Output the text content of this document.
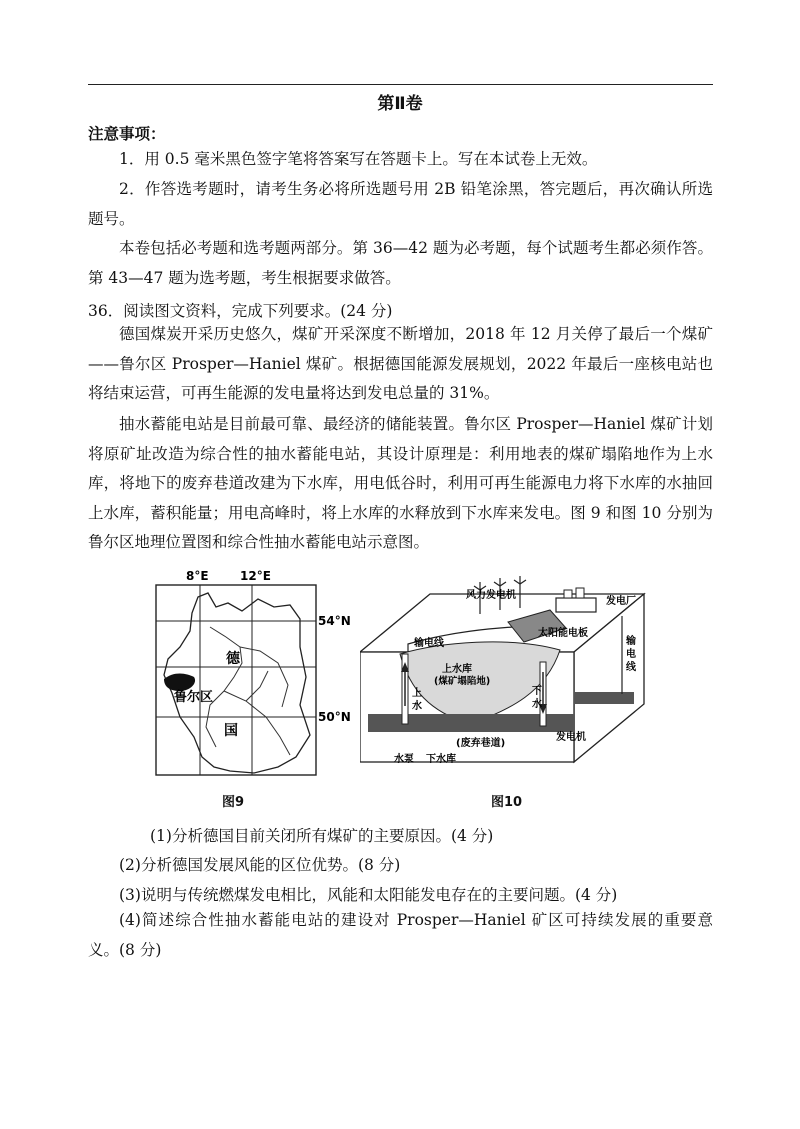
第Ⅱ卷
注意事项：
1．用 0.5 毫米黑色签字笔将答案写在答题卡上。写在本试卷上无效。
2．作答选考题时，请考生务必将所选题号用 2B 铅笔涂黑，答完题后，再次确认所选题号。
本卷包括必考题和选考题两部分。第 36—42 题为必考题，每个试题考生都必须作答。第 43—47 题为选考题，考生根据要求做答。
36．阅读图文资料，完成下列要求。(24 分)
德国煤炭开采历史悠久，煤矿开采深度不断增加，2018 年 12 月关停了最后一个煤矿——鲁尔区 Prosper—Haniel 煤矿。根据德国能源发展规划，2022 年最后一座核电站也将结束运营，可再生能源的发电量将达到发电总量的 31%。
抽水蓄能电站是目前最可靠、最经济的储能装置。鲁尔区 Prosper—Haniel 煤矿计划将原矿址改造为综合性的抽水蓄能电站，其设计原理是：利用地表的煤矿塌陷地作为上水库，将地下的废弃巷道改建为下水库，用电低谷时，利用可再生能源电力将下水库的水抽回上水库，蓄积能量；用电高峰时，将上水库的水释放到下水库来发电。图 9 和图 10 分别为鲁尔区地理位置图和综合性抽水蓄能电站示意图。
8°E	12°E
54°N
50°N
德
国
鲁尔区
图9
风力发电机
发电厂
太阳能电板
输电线	输
电
线
上水库
(煤矿塌陷地)
上
水
下
水
发电机
水泵 下水库
(废弃巷道)
图10
(1)分析德国目前关闭所有煤矿的主要原因。(4 分)
(2)分析德国发展风能的区位优势。(8 分)
(3)说明与传统燃煤发电相比，风能和太阳能发电存在的主要问题。(4 分)
(4)简述综合性抽水蓄能电站的建设对 Prosper—Haniel 矿区可持续发展的重要意义。(8 分)
